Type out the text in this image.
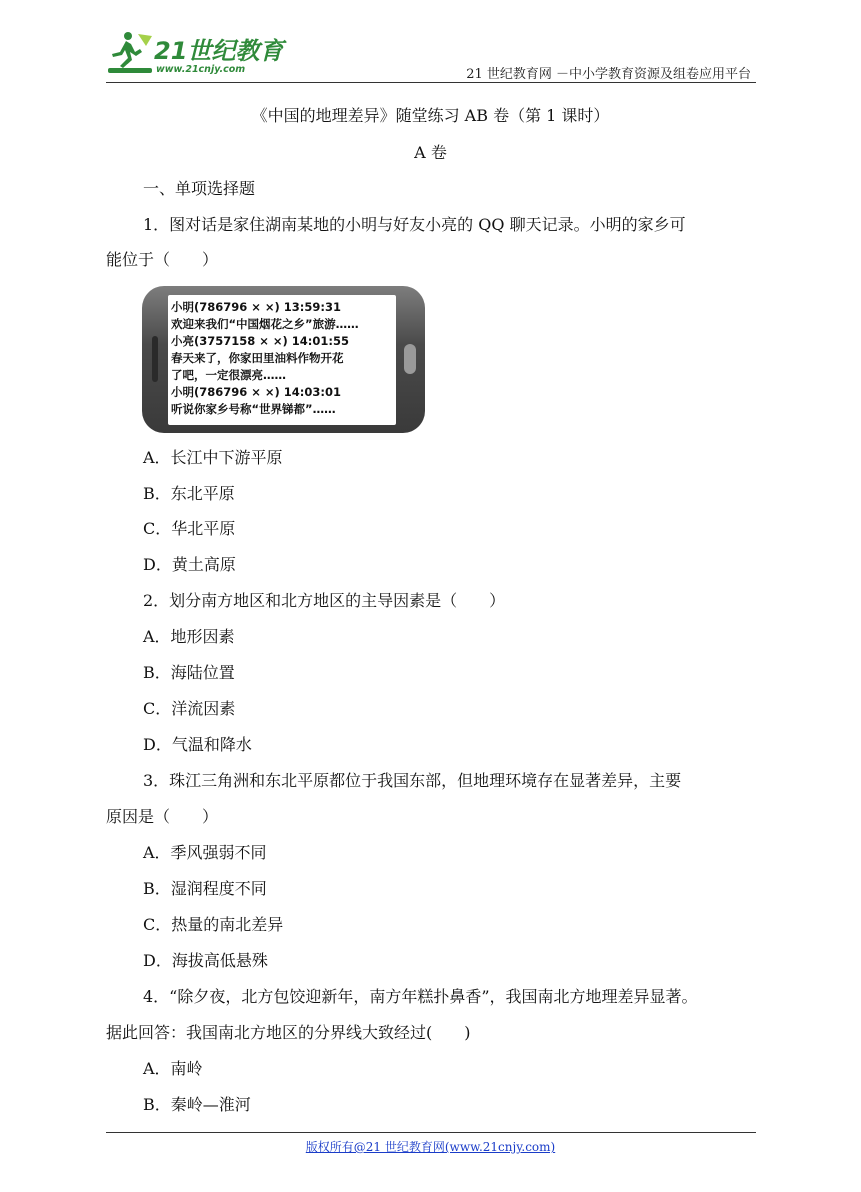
21世纪教育
www.21cnjy.com	21 世纪教育网 －中小学教育资源及组卷应用平台
《中国的地理差异》随堂练习 AB 卷（第 1 课时）
A 卷
一、单项选择题
1．图对话是家住湖南某地的小明与好友小亮的 QQ 聊天记录。小明的家乡可
能位于（　　）
小明(786796 × ×) 13:59:31
欢迎来我们“中国烟花之乡”旅游……
小亮(3757158 × ×) 14:01:55
春天来了，你家田里油料作物开花
了吧，一定很漂亮……
小明(786796 × ×) 14:03:01
听说你家乡号称“世界锑都”……
A．长江中下游平原
B．东北平原
C．华北平原
D．黄土高原
2．划分南方地区和北方地区的主导因素是（　　）
A．地形因素
B．海陆位置
C．洋流因素
D．气温和降水
3．珠江三角洲和东北平原都位于我国东部，但地理环境存在显著差异，主要
原因是（　　）
A．季风强弱不同
B．湿润程度不同
C．热量的南北差异
D．海拔高低悬殊
4．“除夕夜，北方包饺迎新年，南方年糕扑鼻香”，我国南北方地理差异显著。
据此回答：我国南北方地区的分界线大致经过(　　)
A．南岭
B．秦岭—淮河
版权所有@21 世纪教育网(www.21cnjy.com)
